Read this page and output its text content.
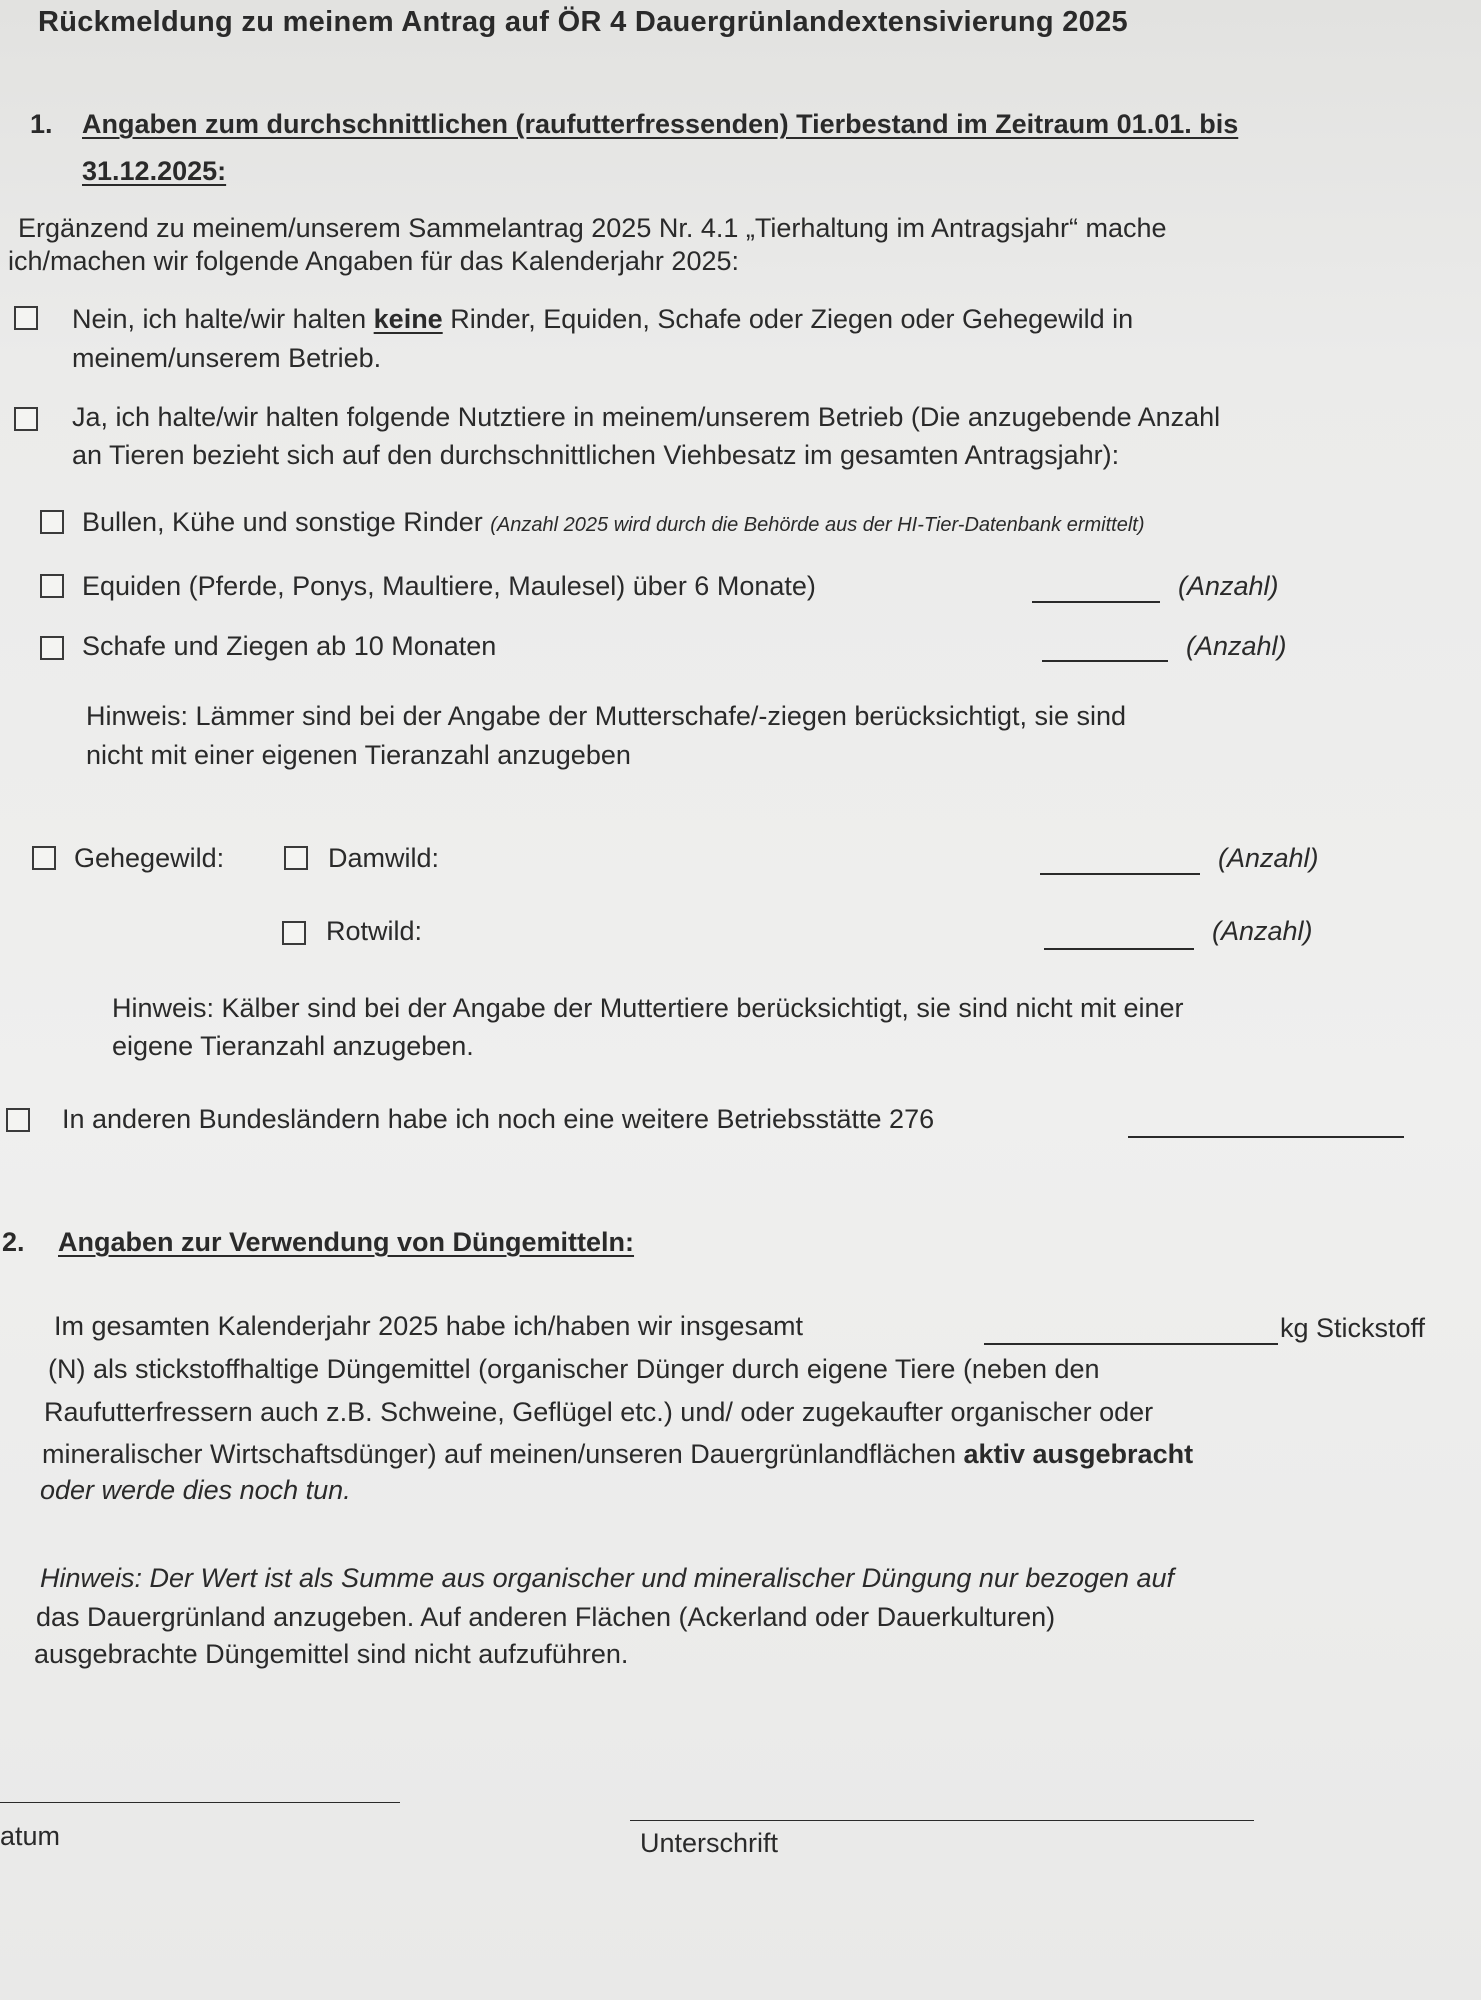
Rückmeldung zu meinem Antrag auf ÖR 4 Dauergrünlandextensivierung 2025
1. Angaben zum durchschnittlichen (raufutterfressenden) Tierbestand im Zeitraum 01.01. bis
31.12.2025:
Ergänzend zu meinem/unserem Sammelantrag 2025 Nr. 4.1 „Tierhaltung im Antragsjahr“ mache
ich/machen wir folgende Angaben für das Kalenderjahr 2025:
Nein, ich halte/wir halten keine Rinder, Equiden, Schafe oder Ziegen oder Gehegewild in
meinem/unserem Betrieb.
Ja, ich halte/wir halten folgende Nutztiere in meinem/unserem Betrieb (Die anzugebende Anzahl
an Tieren bezieht sich auf den durchschnittlichen Viehbesatz im gesamten Antragsjahr):
Bullen, Kühe und sonstige Rinder (Anzahl 2025 wird durch die Behörde aus der HI-Tier-Datenbank ermittelt)
Equiden (Pferde, Ponys, Maultiere, Maulesel) über 6 Monate)	(Anzahl)
Schafe und Ziegen ab 10 Monaten	(Anzahl)
Hinweis: Lämmer sind bei der Angabe der Mutterschafe/-ziegen berücksichtigt, sie sind
nicht mit einer eigenen Tieranzahl anzugeben
Gehegewild:	Damwild:	(Anzahl)
Rotwild:	(Anzahl)
Hinweis: Kälber sind bei der Angabe der Muttertiere berücksichtigt, sie sind nicht mit einer
eigene Tieranzahl anzugeben.
In anderen Bundesländern habe ich noch eine weitere Betriebsstätte 276
2. Angaben zur Verwendung von Düngemitteln:
Im gesamten Kalenderjahr 2025 habe ich/haben wir insgesamt	kg Stickstoff
(N) als stickstoffhaltige Düngemittel (organischer Dünger durch eigene Tiere (neben den
Raufutterfressern auch z.B. Schweine, Geflügel etc.) und/ oder zugekaufter organischer oder
mineralischer Wirtschaftsdünger) auf meinen/unseren Dauergrünlandflächen aktiv ausgebracht
oder werde dies noch tun.
Hinweis: Der Wert ist als Summe aus organischer und mineralischer Düngung nur bezogen auf
das Dauergrünland anzugeben. Auf anderen Flächen (Ackerland oder Dauerkulturen)
ausgebrachte Düngemittel sind nicht aufzuführen.
atum	Unterschrift
